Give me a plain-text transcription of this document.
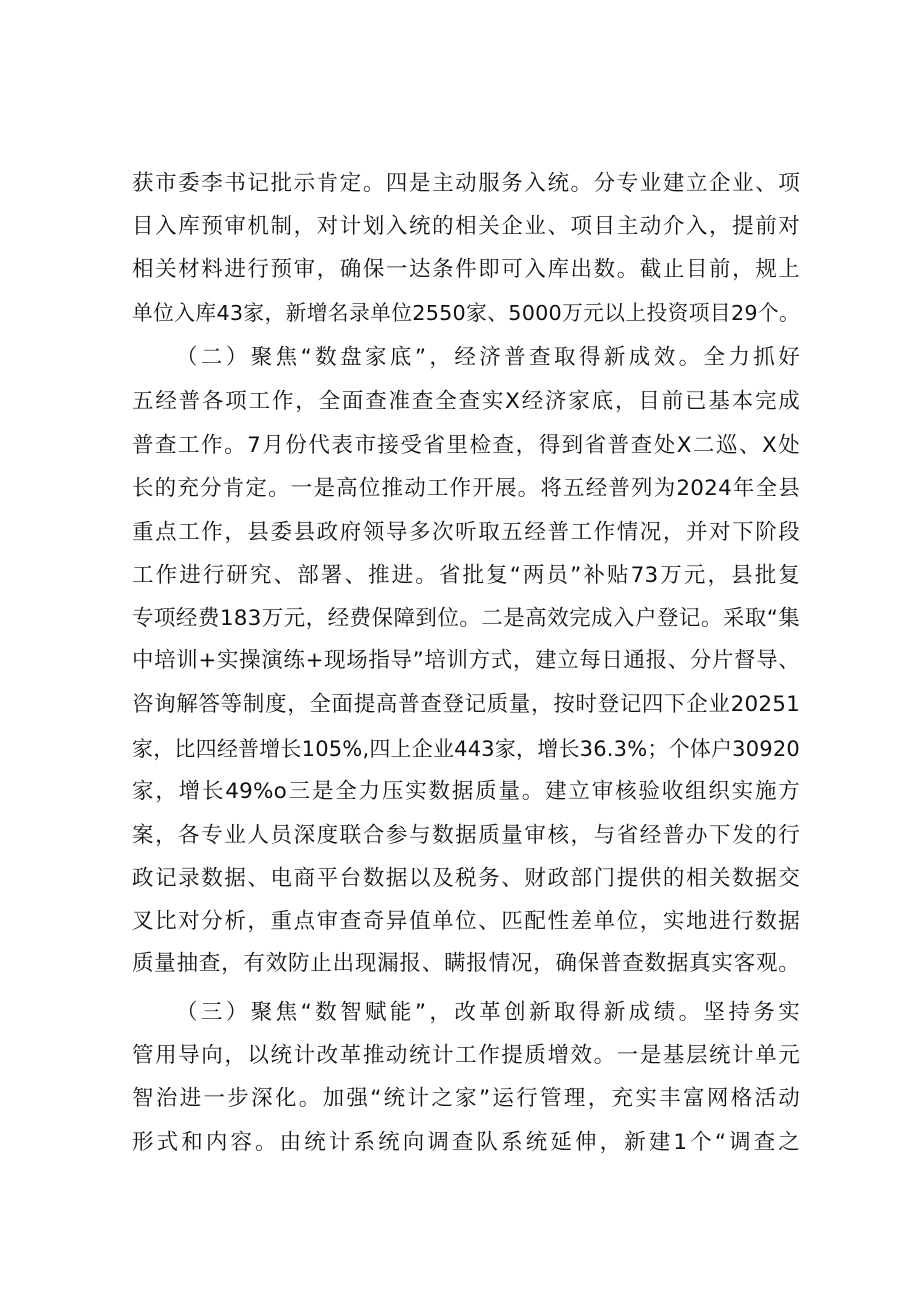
获市委李书记批示肯定。四是主动服务入统。分专业建立企业、项
目入库预审机制，对计划入统的相关企业、项目主动介入，提前对
相关材料进行预审，确保一达条件即可入库出数。截止目前，规上
单位入库43家，新增名录单位2550家、5000万元以上投资项目29个。
（二）聚焦“数盘家底”，经济普查取得新成效。全力抓好
五经普各项工作，全面查准查全查实X经济家底，目前已基本完成
普查工作。7月份代表市接受省里检查，得到省普查处X二巡、X处
长的充分肯定。一是高位推动工作开展。将五经普列为2024年全县
重点工作，县委县政府领导多次听取五经普工作情况，并对下阶段
工作进行研究、部署、推进。省批复“两员”补贴73万元，县批复
专项经费183万元，经费保障到位。二是高效完成入户登记。采取“集
中培训+实操演练+现场指导”培训方式，建立每日通报、分片督导、
咨询解答等制度，全面提高普查登记质量，按时登记四下企业20251
家，比四经普增长105%,四上企业443家，增长36.3%；个体户30920
家，增长49%o三是全力压实数据质量。建立审核验收组织实施方
案，各专业人员深度联合参与数据质量审核，与省经普办下发的行
政记录数据、电商平台数据以及税务、财政部门提供的相关数据交
叉比对分析，重点审查奇异值单位、匹配性差单位，实地进行数据
质量抽查，有效防止出现漏报、瞒报情况，确保普查数据真实客观。
（三）聚焦“数智赋能”，改革创新取得新成绩。坚持务实
管用导向，以统计改革推动统计工作提质增效。一是基层统计单元
智治进一步深化。加强“统计之家”运行管理，充实丰富网格活动
形式和内容。由统计系统向调查队系统延伸，新建1个“调查之
